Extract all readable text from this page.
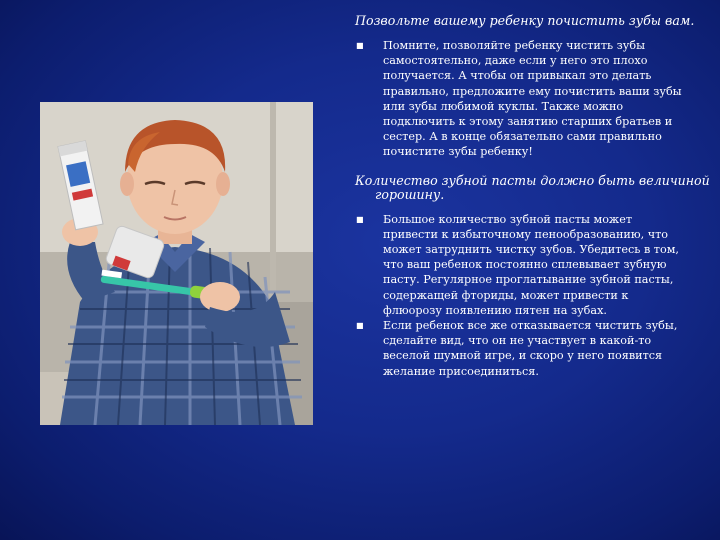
Позвольте вашему ребенку почистить зубы вам.
■	Помните, позволяйте ребенку чистить зубы самостоятельно, даже если у него это плохо получается. А чтобы он привыкал это делать правильно, предложите ему почистить ваши зубы или зубы любимой куклы. Также можно подключить к этому занятию старших братьев и сестер. А в конце обязательно сами правильно почистите зубы ребенку!
Количество зубной пасты должно быть величиной
горошину.
■	Большое количество зубной пасты может привести к избыточному пенообразованию, что может затруднить чистку зубов. Убедитесь в том, что ваш ребенок постоянно сплевывает зубную пасту. Регулярное проглатывание зубной пасты, содержащей фториды, может привести к флюорозу появлению пятен на зубах.
■	Если ребенок все же отказывается чистить зубы, сделайте вид, что он не участвует в какой-то веселой шумной игре, и скоро у него появится желание присоединиться.
